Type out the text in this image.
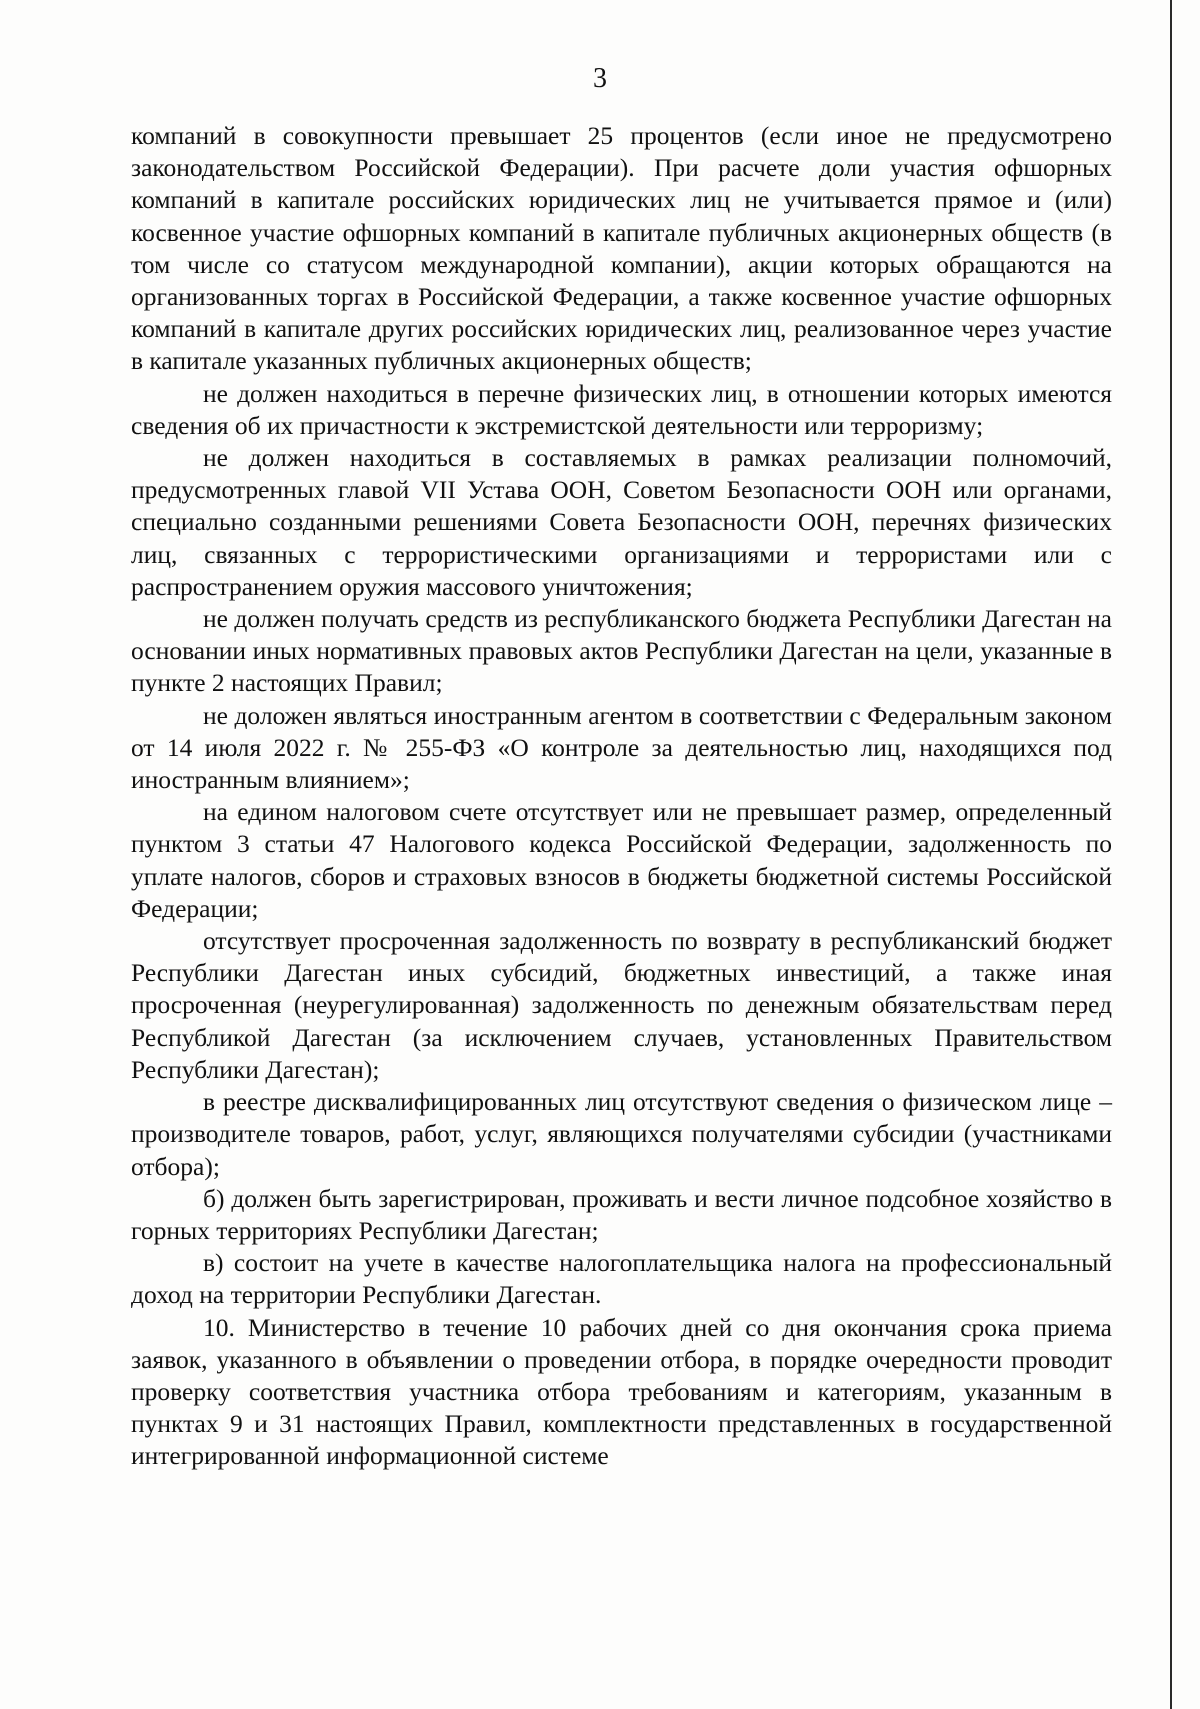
3

компаний в совокупности превышает 25 процентов (если иное не предусмотрено законодательством Российской Федерации). При расчете доли участия офшорных компаний в капитале российских юридических лиц не учитывается прямое и (или) косвенное участие офшорных компаний в капитале публичных акционерных обществ (в том числе со статусом международной компании), акции которых обращаются на организованных торгах в Российской Федерации, а также косвенное участие офшорных компаний в капитале других российских юридических лиц, реализованное через участие в капитале указанных публичных акционерных обществ;

не должен находиться в перечне физических лиц, в отношении которых имеются сведения об их причастности к экстремистской деятельности или терроризму;

не должен находиться в составляемых в рамках реализации полномочий, предусмотренных главой VII Устава ООН, Советом Безопасности ООН или органами, специально созданными решениями Совета Безопасности ООН, перечнях физических лиц, связанных с террористическими организациями и террористами или с распространением оружия массового уничтожения;

не должен получать средств из республиканского бюджета Республики Дагестан на основании иных нормативных правовых актов Республики Дагестан на цели, указанные в пункте 2 настоящих Правил;

не доложен являться иностранным агентом в соответствии с Федеральным законом от 14 июля 2022 г. № 255-ФЗ «О контроле за деятельностью лиц, находящихся под иностранным влиянием»;

на едином налоговом счете отсутствует или не превышает размер, определенный пунктом 3 статьи 47 Налогового кодекса Российской Федерации, задолженность по уплате налогов, сборов и страховых взносов в бюджеты бюджетной системы Российской Федерации;

отсутствует просроченная задолженность по возврату в республиканский бюджет Республики Дагестан иных субсидий, бюджетных инвестиций, а также иная просроченная (неурегулированная) задолженность по денежным обязательствам перед Республикой Дагестан (за исключением случаев, установленных Правительством Республики Дагестан);

в реестре дисквалифицированных лиц отсутствуют сведения о физическом лице – производителе товаров, работ, услуг, являющихся получателями субсидии (участниками отбора);

б) должен быть зарегистрирован, проживать и вести личное подсобное хозяйство в горных территориях Республики Дагестан;

в) состоит на учете в качестве налогоплательщика налога на профессиональный доход на территории Республики Дагестан.

10. Министерство в течение 10 рабочих дней со дня окончания срока приема заявок, указанного в объявлении о проведении отбора, в порядке очередности проводит проверку соответствия участника отбора требованиям и категориям, указанным в пунктах 9 и 31 настоящих Правил, комплектности представленных в государственной интегрированной информационной системе
